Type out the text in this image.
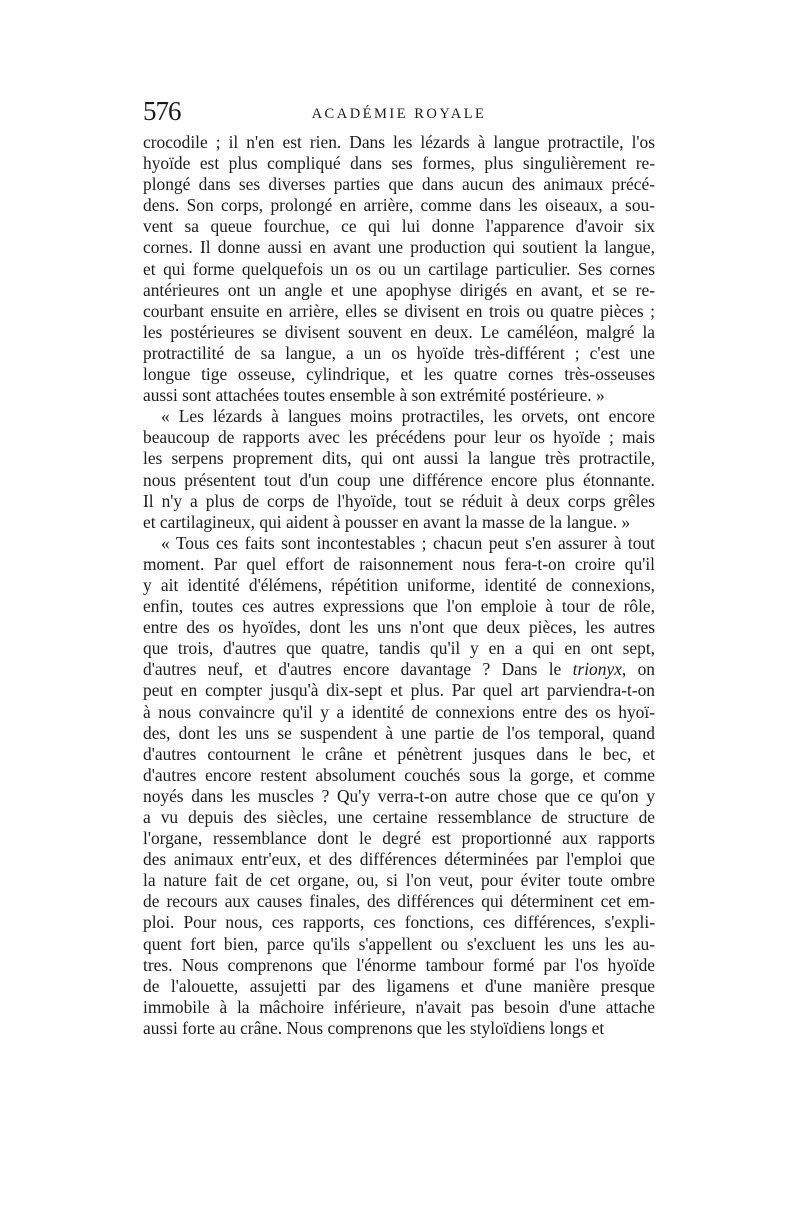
576	ACADÉMIE ROYALE
crocodile ; il n'en est rien. Dans les lézards à langue protractile, l'os
hyoïde est plus compliqué dans ses formes, plus singulièrement re-
plongé dans ses diverses parties que dans aucun des animaux précé-
dens. Son corps, prolongé en arrière, comme dans les oiseaux, a sou-
vent sa queue fourchue, ce qui lui donne l'apparence d'avoir six
cornes. Il donne aussi en avant une production qui soutient la langue,
et qui forme quelquefois un os ou un cartilage particulier. Ses cornes
antérieures ont un angle et une apophyse dirigés en avant, et se re-
courbant ensuite en arrière, elles se divisent en trois ou quatre pièces ;
les postérieures se divisent souvent en deux. Le caméléon, malgré la
protractilité de sa langue, a un os hyoïde très-différent ; c'est une
longue tige osseuse, cylindrique, et les quatre cornes très-osseuses
aussi sont attachées toutes ensemble à son extrémité postérieure. »
« Les lézards à langues moins protractiles, les orvets, ont encore
beaucoup de rapports avec les précédens pour leur os hyoïde ; mais
les serpens proprement dits, qui ont aussi la langue très protractile,
nous présentent tout d'un coup une différence encore plus étonnante.
Il n'y a plus de corps de l'hyoïde, tout se réduit à deux corps grêles
et cartilagineux, qui aident à pousser en avant la masse de la langue. »
« Tous ces faits sont incontestables ; chacun peut s'en assurer à tout
moment. Par quel effort de raisonnement nous fera-t-on croire qu'il
y ait identité d'élémens, répétition uniforme, identité de connexions,
enfin, toutes ces autres expressions que l'on emploie à tour de rôle,
entre des os hyoïdes, dont les uns n'ont que deux pièces, les autres
que trois, d'autres que quatre, tandis qu'il y en a qui en ont sept,
d'autres neuf, et d'autres encore davantage ? Dans le trionyx, on
peut en compter jusqu'à dix-sept et plus. Par quel art parviendra-t-on
à nous convaincre qu'il y a identité de connexions entre des os hyoï-
des, dont les uns se suspendent à une partie de l'os temporal, quand
d'autres contournent le crâne et pénètrent jusques dans le bec, et
d'autres encore restent absolument couchés sous la gorge, et comme
noyés dans les muscles ? Qu'y verra-t-on autre chose que ce qu'on y
a vu depuis des siècles, une certaine ressemblance de structure de
l'organe, ressemblance dont le degré est proportionné aux rapports
des animaux entr'eux, et des différences déterminées par l'emploi que
la nature fait de cet organe, ou, si l'on veut, pour éviter toute ombre
de recours aux causes finales, des différences qui déterminent cet em-
ploi. Pour nous, ces rapports, ces fonctions, ces différences, s'expli-
quent fort bien, parce qu'ils s'appellent ou s'excluent les uns les au-
tres. Nous comprenons que l'énorme tambour formé par l'os hyoïde
de l'alouette, assujetti par des ligamens et d'une manière presque
immobile à la mâchoire inférieure, n'avait pas besoin d'une attache
aussi forte au crâne. Nous comprenons que les styloïdiens longs et
